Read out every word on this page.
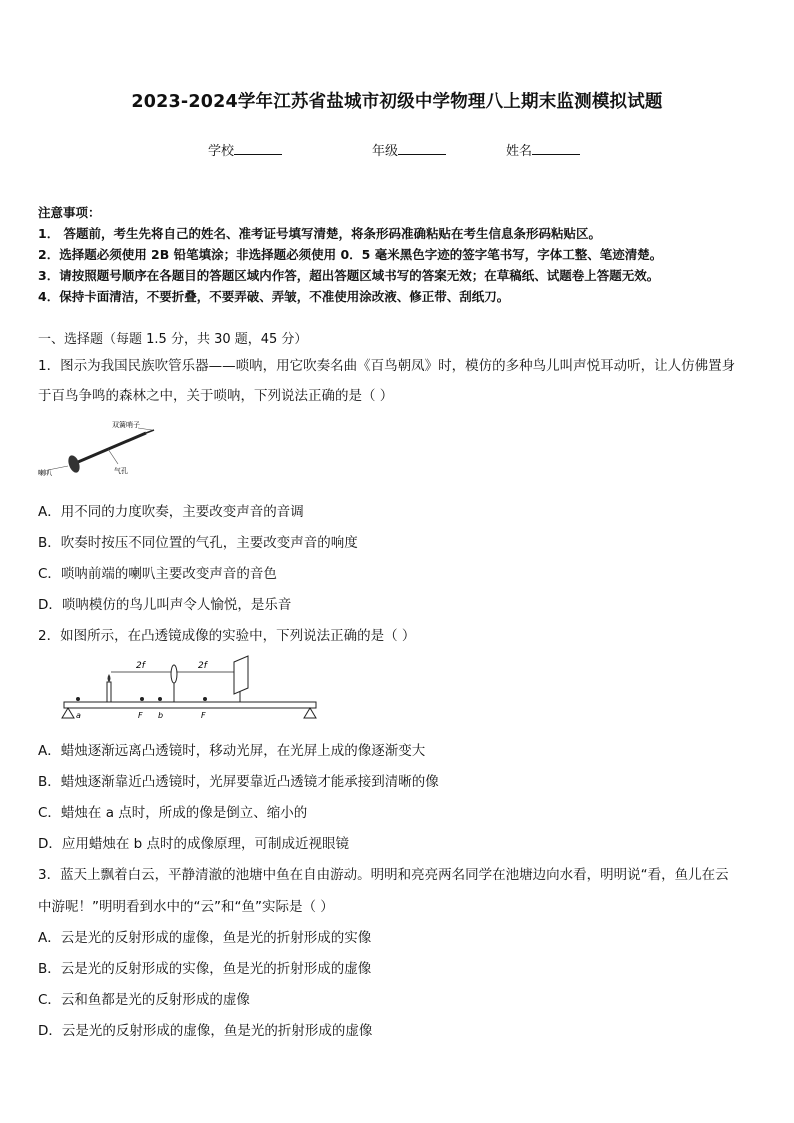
2023-2024学年江苏省盐城市初级中学物理八上期末监测模拟试题
学校	年级	姓名
注意事项：
1． 答题前，考生先将自己的姓名、准考证号填写清楚，将条形码准确粘贴在考生信息条形码粘贴区。
2．选择题必须使用 2B 铅笔填涂；非选择题必须使用 0．5 毫米黑色字迹的签字笔书写，字体工整、笔迹清楚。
3．请按照题号顺序在各题目的答题区域内作答，超出答题区域书写的答案无效；在草稿纸、试题卷上答题无效。
4．保持卡面清洁，不要折叠，不要弄破、弄皱，不准使用涂改液、修正带、刮纸刀。
一、选择题（每题 1.5 分，共 30 题，45 分）
1．图示为我国民族吹管乐器——唢呐，用它吹奏名曲《百鸟朝凤》时，模仿的多种鸟儿叫声悦耳动听，让人仿佛置身
于百鸟争鸣的森林之中，关于唢呐，下列说法正确的是（ ）
双簧哨子
喇叭	气孔
A．用不同的力度吹奏，主要改变声音的音调
B．吹奏时按压不同位置的气孔，主要改变声音的响度
C．唢呐前端的喇叭主要改变声音的音色
D．唢呐模仿的鸟儿叫声令人愉悦，是乐音
2．如图所示，在凸透镜成像的实验中，下列说法正确的是（ ）
2f	2f
a	F b	F
A．蜡烛逐渐远离凸透镜时，移动光屏，在光屏上成的像逐渐变大
B．蜡烛逐渐靠近凸透镜时，光屏要靠近凸透镜才能承接到清晰的像
C．蜡烛在 a 点时，所成的像是倒立、缩小的
D．应用蜡烛在 b 点时的成像原理，可制成近视眼镜
3．蓝天上飘着白云，平静清澈的池塘中鱼在自由游动。明明和亮亮两名同学在池塘边向水看，明明说“看，鱼儿在云
中游呢！”明明看到水中的“云”和“鱼”实际是（ ）
A．云是光的反射形成的虚像，鱼是光的折射形成的实像
B．云是光的反射形成的实像，鱼是光的折射形成的虚像
C．云和鱼都是光的反射形成的虚像
D．云是光的反射形成的虚像，鱼是光的折射形成的虚像
